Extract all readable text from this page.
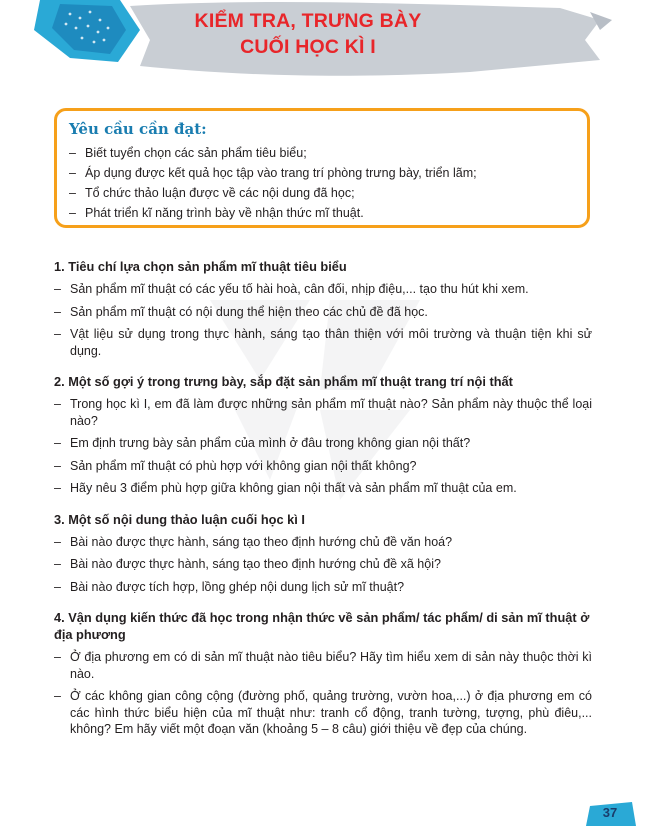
KIỂM TRA, TRƯNG BÀY
CUỐI HỌC KÌ I
Yêu cầu cần đạt:
– Biết tuyển chọn các sản phẩm tiêu biểu;
– Áp dụng được kết quả học tập vào trang trí phòng trưng bày, triển lãm;
– Tổ chức thảo luận được về các nội dung đã học;
– Phát triển kĩ năng trình bày về nhận thức mĩ thuật.
1. Tiêu chí lựa chọn sản phẩm mĩ thuật tiêu biểu
– Sản phẩm mĩ thuật có các yếu tố hài hoà, cân đối, nhịp điệu,... tạo thu hút khi xem.
– Sản phẩm mĩ thuật có nội dung thể hiện theo các chủ đề đã học.
– Vật liệu sử dụng trong thực hành, sáng tạo thân thiện với môi trường và thuận tiện khi sử dụng.
2. Một số gợi ý trong trưng bày, sắp đặt sản phẩm mĩ thuật trang trí nội thất
– Trong học kì I, em đã làm được những sản phẩm mĩ thuật nào? Sản phẩm này thuộc thể loại nào?
– Em định trưng bày sản phẩm của mình ở đâu trong không gian nội thất?
– Sản phẩm mĩ thuật có phù hợp với không gian nội thất không?
– Hãy nêu 3 điểm phù hợp giữa không gian nội thất và sản phẩm mĩ thuật của em.
3. Một số nội dung thảo luận cuối học kì I
– Bài nào được thực hành, sáng tạo theo định hướng chủ đề văn hoá?
– Bài nào được thực hành, sáng tạo theo định hướng chủ đề xã hội?
– Bài nào được tích hợp, lồng ghép nội dung lịch sử mĩ thuật?
4. Vận dụng kiến thức đã học trong nhận thức về sản phẩm/ tác phẩm/ di sản mĩ thuật ở địa phương
– Ở địa phương em có di sản mĩ thuật nào tiêu biểu? Hãy tìm hiểu xem di sản này thuộc thời kì nào.
– Ở các không gian công cộng (đường phố, quảng trường, vườn hoa,...) ở địa phương em có các hình thức biểu hiện của mĩ thuật như: tranh cổ động, tranh tường, tượng, phù điêu,... không? Em hãy viết một đoạn văn (khoảng 5 – 8 câu) giới thiệu về đẹp của chúng.
37
